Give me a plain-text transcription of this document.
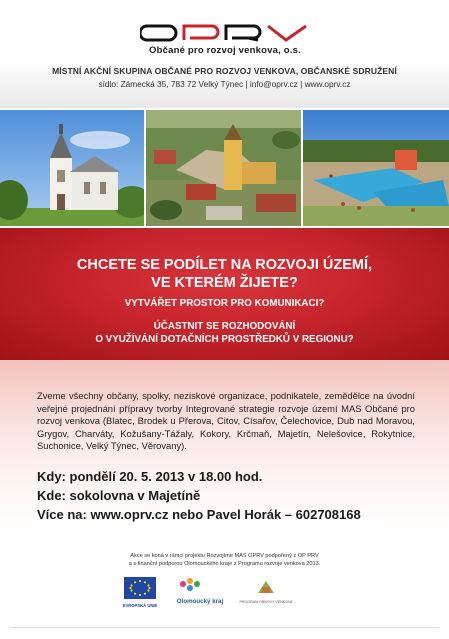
Občané pro rozvoj venkova, o.s.
MÍSTNÍ AKČNÍ SKUPINA OBČANÉ PRO ROZVOJ VENKOVA, OBČANSKÉ SDRUŽENÍ
sídlo: Zámecká 35, 783 72 Velký Týnec | info@oprv.cz | www.oprv.cz
CHCETE SE PODÍLET NA ROZVOJI ÚZEMÍ,
VE KTERÉM ŽIJETE?
VYTVÁŘET PROSTOR PRO KOMUNIKACI?
ÚČASTNIT SE ROZHODOVÁNÍ
O VYUŽÍVÁNÍ DOTAČNÍCH PROSTŘEDKŮ V REGIONU?
Zveme všechny občany, spolky, neziskové organizace, podnikatele, zemědělce na úvodní veřejné projednání přípravy tvorby Integrované strategie rozvoje území MAS Občané pro rozvoj venkova (Blatec, Brodek u Přerova, Citov, Císařov, Čelechovice, Dub nad Moravou, Grygov, Charváty, Kožušany-Tážaly, Kokory, Krčmaň, Majetín, Nelešovice, Rokytnice, Suchonice, Velký Týnec, Věrovany).
Kdy: pondělí 20. 5. 2013 v 18.00 hod.
Kde: sokolovna v Majetíně
Více na: www.oprv.cz nebo Pavel Horák – 602708168
Akce se koná v rámci projektu Rozvojíme MAS OPRV podpořený z OP PRV
a s finanční podporou Olomouckého kraje z Programu rozvoje venkova 2013.
EVROPSKÁ UNIE
Olomoucký kraj	PROGRAM OBNOVY VENKOVA
